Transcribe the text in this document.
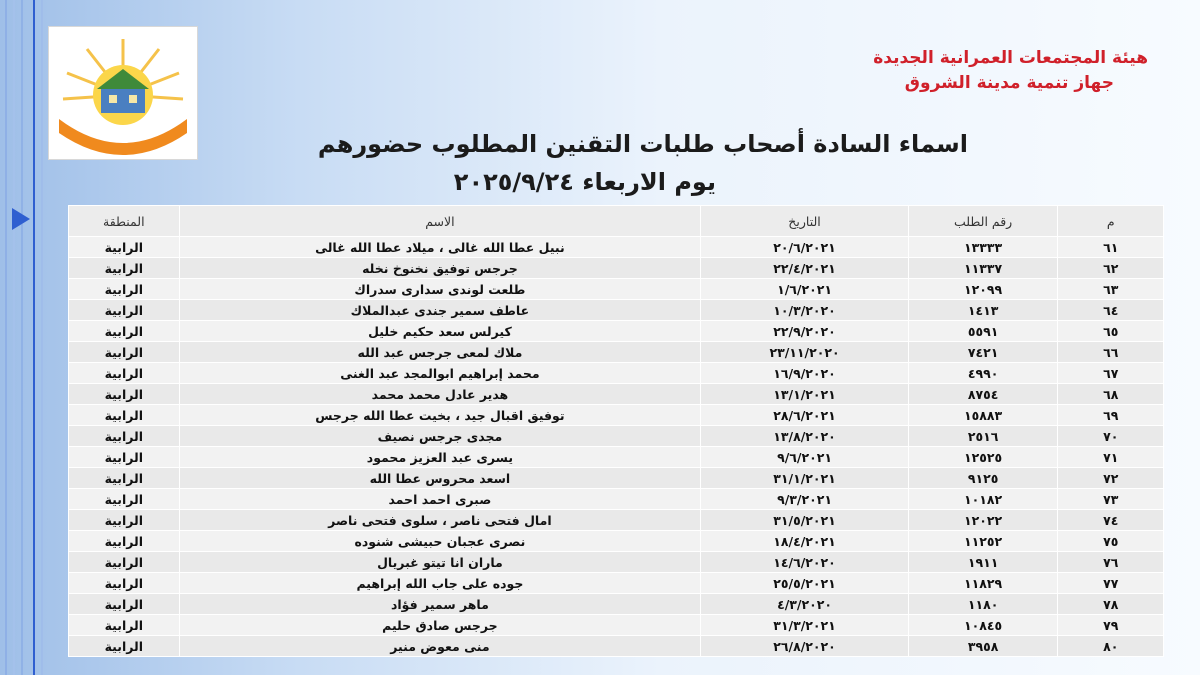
هيئة المجتمعات العمرانية الجديدة
جهاز تنمية مدينة الشروق
اسماء السادة أصحاب طلبات التقنين المطلوب حضورهم
يوم الاربعاء ٢٠٢٥/٩/٢٤
م	رقم الطلب	التاريخ	الاسم	المنطقة
٦١	١٣٣٣٣	٢٠/٦/٢٠٢١	نبيل عطا الله غالى ، ميلاد عطا الله غالى	الرابية
٦٢	١١٣٣٧	٢٢/٤/٢٠٢١	جرجس توفيق نخنوخ نخله	الرابية
٦٣	١٢٠٩٩	١/٦/٢٠٢١	طلعت لوندى سدارى سدراك	الرابية
٦٤	١٤١٣	١٠/٣/٢٠٢٠	عاطف سمير جندى عبدالملاك	الرابية
٦٥	٥٥٩١	٢٢/٩/٢٠٢٠	كيرلس سعد حكيم خليل	الرابية
٦٦	٧٤٢١	٢٣/١١/٢٠٢٠	ملاك لمعى جرجس عبد الله	الرابية
٦٧	٤٩٩٠	١٦/٩/٢٠٢٠	محمد إبراهيم ابوالمجد عبد الغنى	الرابية
٦٨	٨٧٥٤	١٣/١/٢٠٢١	هدير عادل محمد محمد	الرابية
٦٩	١٥٨٨٣	٢٨/٦/٢٠٢١	توفيق اقبال جيد ، بخيت عطا الله جرجس	الرابية
٧٠	٢٥١٦	١٣/٨/٢٠٢٠	مجدى جرجس نصيف	الرابية
٧١	١٢٥٢٥	٩/٦/٢٠٢١	يسرى عبد العزيز محمود	الرابية
٧٢	٩١٢٥	٣١/١/٢٠٢١	اسعد محروس عطا الله	الرابية
٧٣	١٠١٨٢	٩/٣/٢٠٢١	صبرى احمد احمد	الرابية
٧٤	١٢٠٢٢	٣١/٥/٢٠٢١	امال فتحى ناصر ، سلوى فتحى ناصر	الرابية
٧٥	١١٢٥٢	١٨/٤/٢٠٢١	نصرى عجبان حبيشى شنوده	الرابية
٧٦	١٩١١	١٤/٦/٢٠٢٠	ماران انا تيتو غبريال	الرابية
٧٧	١١٨٢٩	٢٥/٥/٢٠٢١	جوده على جاب الله إبراهيم	الرابية
٧٨	١١٨٠	٤/٣/٢٠٢٠	ماهر سمير فؤاد	الرابية
٧٩	١٠٨٤٥	٣١/٣/٢٠٢١	جرجس صادق حليم	الرابية
٨٠	٣٩٥٨	٢٦/٨/٢٠٢٠	منى معوض منير	الرابية
